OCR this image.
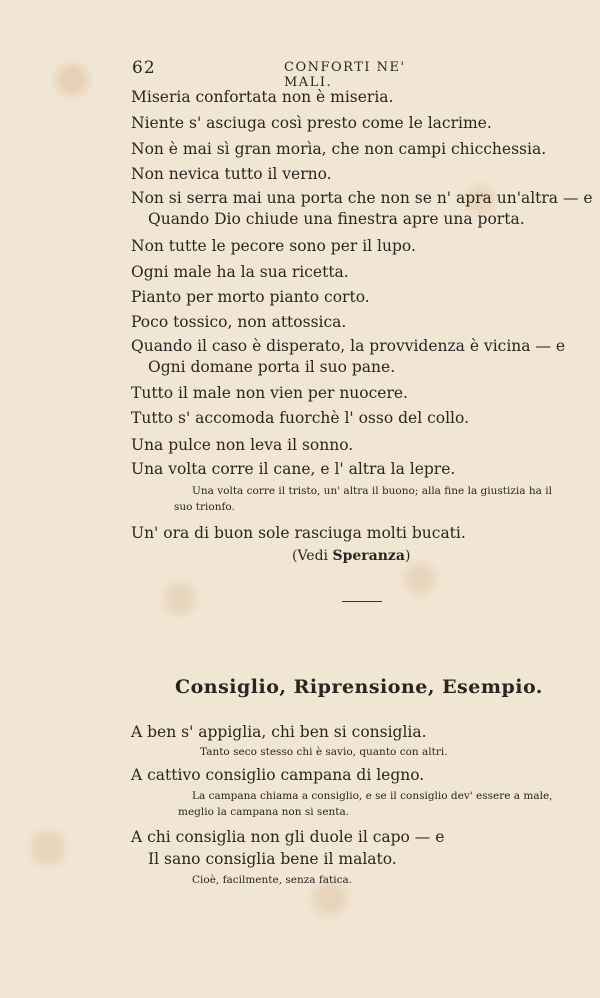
62	CONFORTI NE' MALI.
Miseria confortata non è miseria.
Niente s' asciuga così presto come le lacrime.
Non è mai sì gran morìa, che non campi chicchessia.
Non nevica tutto il verno.
Non si serra mai una porta che non se n' apra un'altra — e
Quando Dio chiude una finestra apre una porta.
Non tutte le pecore sono per il lupo.
Ogni male ha la sua ricetta.
Pianto per morto pianto corto.
Poco tossico, non attossica.
Quando il caso è disperato, la provvidenza è vicina — e
Ogni domane porta il suo pane.
Tutto il male non vien per nuocere.
Tutto s' accomoda fuorchè l' osso del collo.
Una pulce non leva il sonno.
Una volta corre il cane, e l' altra la lepre.
Una volta corre il tristo, un' altra il buono; alla fine la giustizia ha il
suo trionfo.
Un' ora di buon sole rasciuga molti bucati.
(Vedi Speranza)
Consiglio, Riprensione, Esempio.
A ben s' appiglia, chi ben si consiglia.
Tanto seco stesso chi è savio, quanto con altri.
A cattivo consiglio campana di legno.
La campana chiama a consiglio, e se il consiglio dev' essere a male,
meglio la campana non si senta.
A chi consiglia non gli duole il capo — e
Il sano consiglia bene il malato.
Cioè, facilmente, senza fatica.
